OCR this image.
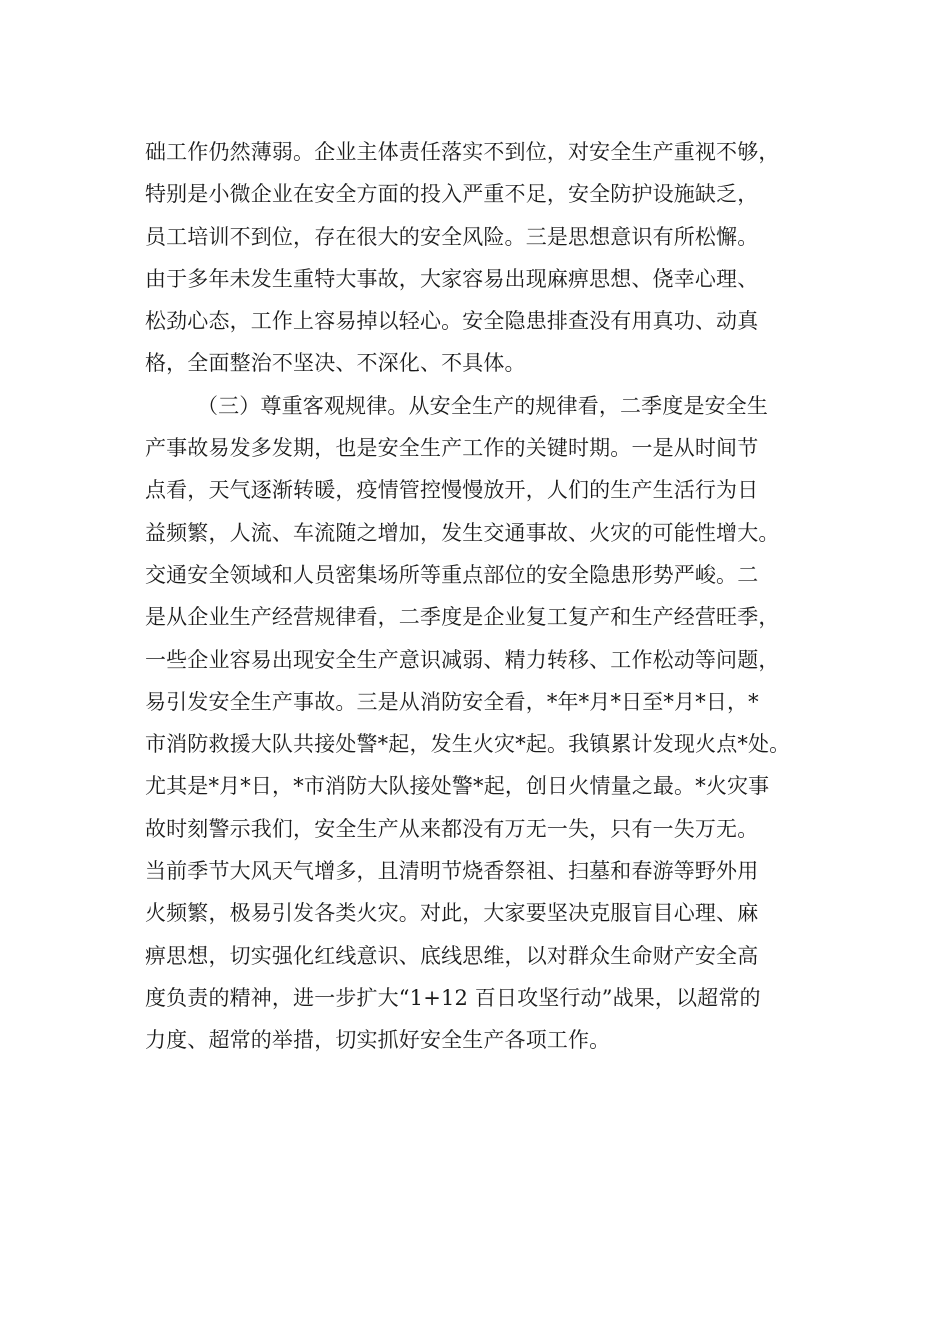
础工作仍然薄弱。企业主体责任落实不到位，对安全生产重视不够，
特别是小微企业在安全方面的投入严重不足，安全防护设施缺乏，
员工培训不到位，存在很大的安全风险。三是思想意识有所松懈。
由于多年未发生重特大事故，大家容易出现麻痹思想、侥幸心理、
松劲心态，工作上容易掉以轻心。安全隐患排查没有用真功、动真
格，全面整治不坚决、不深化、不具体。
（三）尊重客观规律。从安全生产的规律看，二季度是安全生
产事故易发多发期，也是安全生产工作的关键时期。一是从时间节
点看，天气逐渐转暖，疫情管控慢慢放开，人们的生产生活行为日
益频繁，人流、车流随之增加，发生交通事故、火灾的可能性增大。
交通安全领域和人员密集场所等重点部位的安全隐患形势严峻。二
是从企业生产经营规律看，二季度是企业复工复产和生产经营旺季，
一些企业容易出现安全生产意识减弱、精力转移、工作松动等问题，
易引发安全生产事故。三是从消防安全看，*年*月*日至*月*日，*
市消防救援大队共接处警*起，发生火灾*起。我镇累计发现火点*处。
尤其是*月*日，*市消防大队接处警*起，创日火情量之最。*火灾事
故时刻警示我们，安全生产从来都没有万无一失，只有一失万无。
当前季节大风天气增多，且清明节烧香祭祖、扫墓和春游等野外用
火频繁，极易引发各类火灾。对此，大家要坚决克服盲目心理、麻
痹思想，切实强化红线意识、底线思维，以对群众生命财产安全高
度负责的精神，进一步扩大“1+12 百日攻坚行动”战果，以超常的
力度、超常的举措，切实抓好安全生产各项工作。
